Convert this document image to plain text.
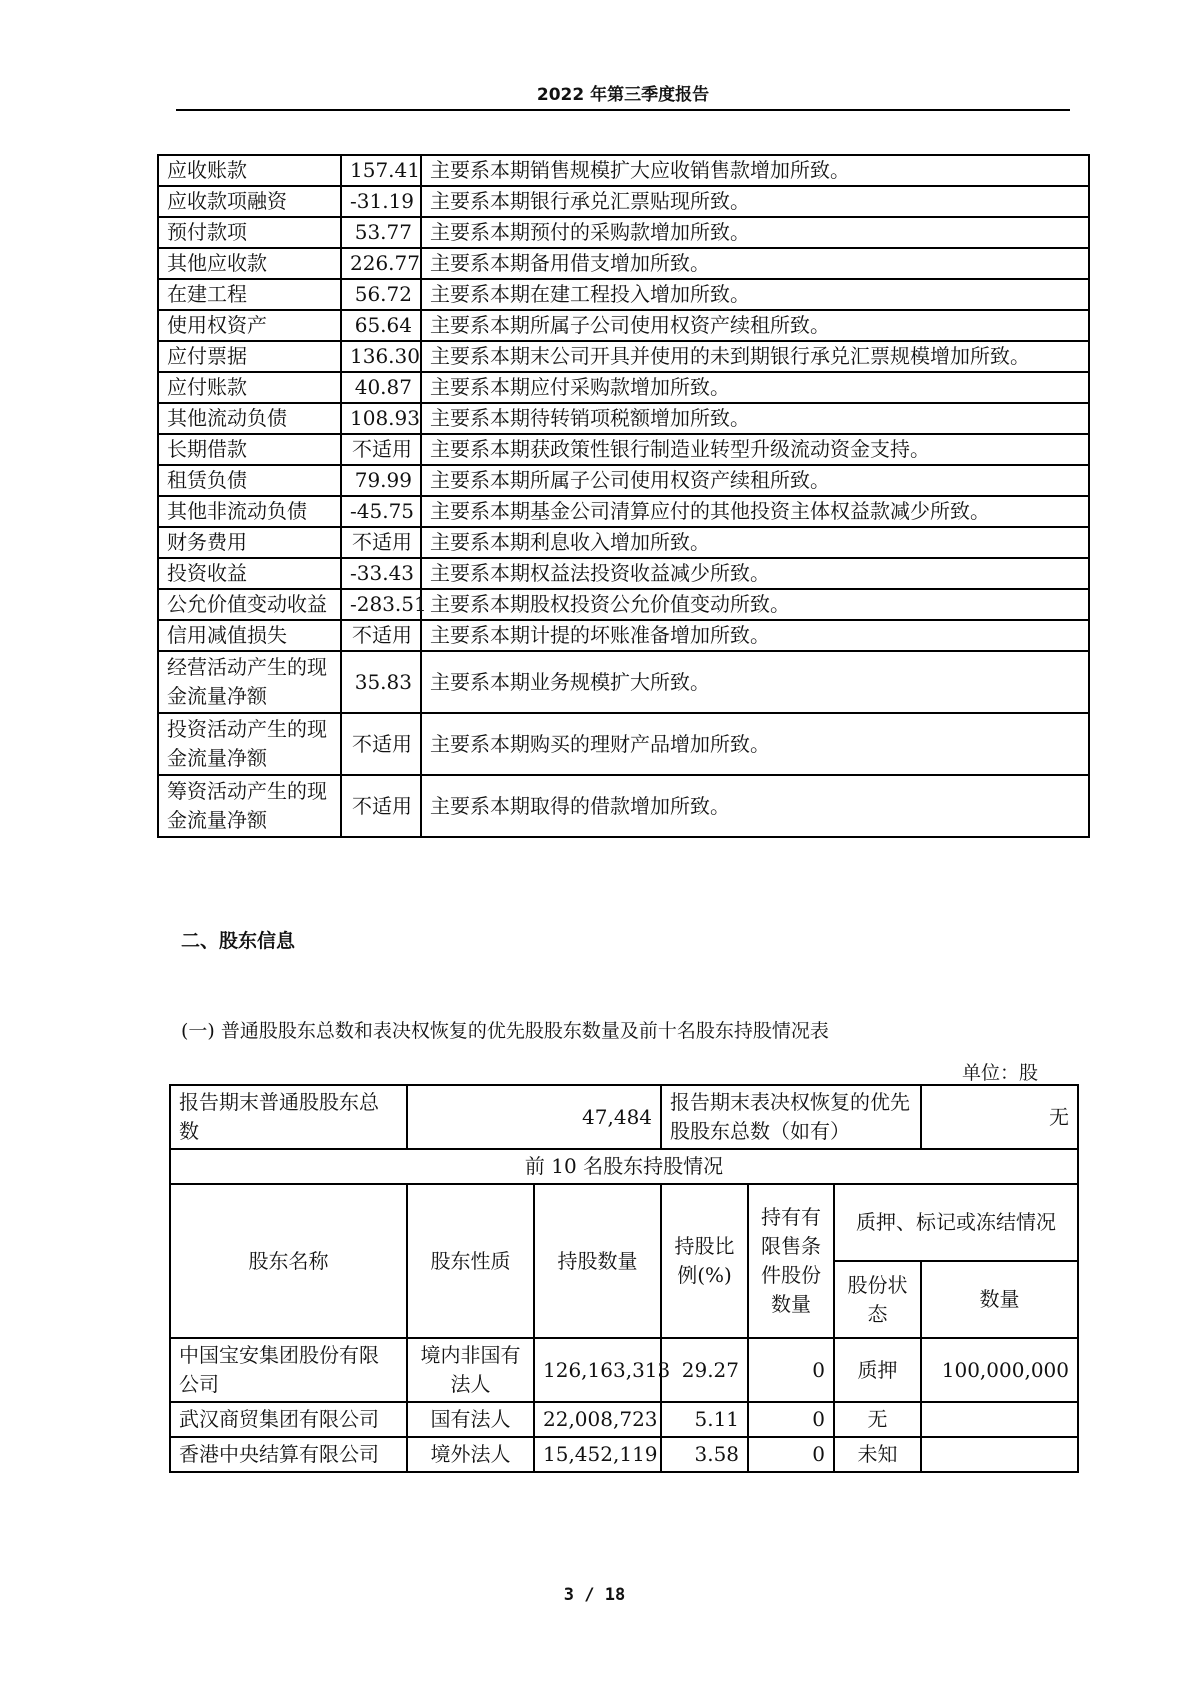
2022 年第三季度报告
应收账款	157.41	主要系本期销售规模扩大应收销售款增加所致。
应收款项融资	-31.19	主要系本期银行承兑汇票贴现所致。
预付款项	53.77	主要系本期预付的采购款增加所致。
其他应收款	226.77	主要系本期备用借支增加所致。
在建工程	56.72	主要系本期在建工程投入增加所致。
使用权资产	65.64	主要系本期所属子公司使用权资产续租所致。
应付票据	136.30	主要系本期末公司开具并使用的未到期银行承兑汇票规模增加所致。
应付账款	40.87	主要系本期应付采购款增加所致。
其他流动负债	108.93	主要系本期待转销项税额增加所致。
长期借款	不适用	主要系本期获政策性银行制造业转型升级流动资金支持。
租赁负债	79.99	主要系本期所属子公司使用权资产续租所致。
其他非流动负债	-45.75	主要系本期基金公司清算应付的其他投资主体权益款减少所致。
财务费用	不适用	主要系本期利息收入增加所致。
投资收益	-33.43	主要系本期权益法投资收益减少所致。
公允价值变动收益	-283.51	主要系本期股权投资公允价值变动所致。
信用减值损失	不适用	主要系本期计提的坏账准备增加所致。
经营活动产生的现金流量净额	35.83	主要系本期业务规模扩大所致。
投资活动产生的现金流量净额	不适用	主要系本期购买的理财产品增加所致。
筹资活动产生的现金流量净额	不适用	主要系本期取得的借款增加所致。
二、股东信息
(一) 普通股股东总数和表决权恢复的优先股股东数量及前十名股东持股情况表
单位：股
报告期末普通股股东总数	47,484		报告期末表决权恢复的优先股股东总数（如有）			无
前 10 名股东持股情况						
股东名称	股东性质	持股数量	持股比例(%)	持有有限售条件股份数量	质押、标记或冻结情况	
					股份状态	数量
中国宝安集团股份有限公司	境内非国有法人	126,163,313	29.27	0	质押	100,000,000
武汉商贸集团有限公司	国有法人	22,008,723	5.11	0	无	
香港中央结算有限公司	境外法人	15,452,119	3.58	0	未知	
3 / 18
